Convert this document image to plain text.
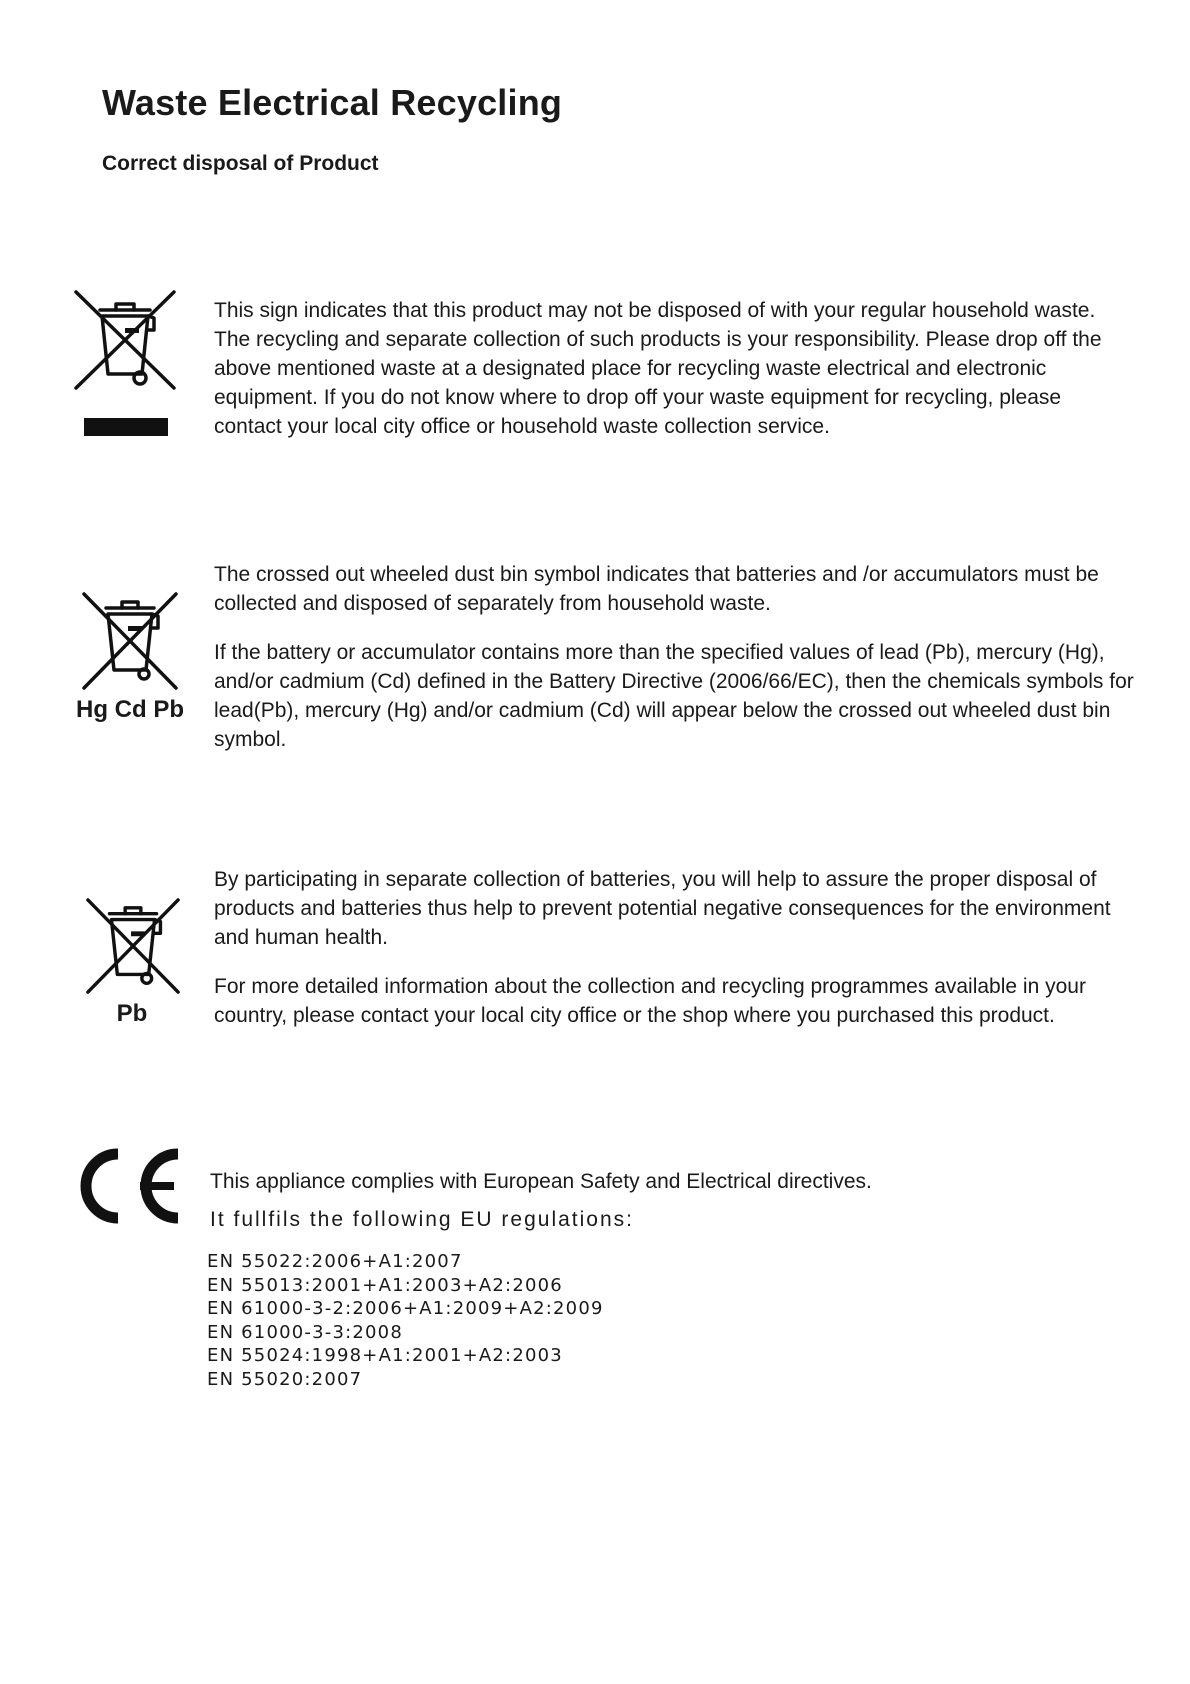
Waste Electrical Recycling
Correct disposal of Product

This sign indicates that this product may not be disposed of with your regular household waste. The recycling and separate collection of such products is your responsibility. Please drop off the above mentioned waste at a designated place for recycling waste electrical and electronic equipment. If you do not know where to drop off your waste equipment for recycling, please contact your local city office or household waste collection service.

Hg Cd Pb

The crossed out wheeled dust bin symbol indicates that batteries and /or accumulators must be collected and disposed of separately from household waste.

If the battery or accumulator contains more than the specified values of lead (Pb), mercury (Hg), and/or cadmium (Cd) defined in the Battery Directive (2006/66/EC), then the chemicals symbols for lead(Pb), mercury (Hg) and/or cadmium (Cd) will appear below the crossed out wheeled dust bin symbol.

Pb

By participating in separate collection of batteries, you will help to assure the proper disposal of products and batteries thus help to prevent potential negative consequences for the environment and human health.

For more detailed information about the collection and recycling programmes available in your country, please contact your local city office or the shop where you purchased this product.

This appliance complies with European Safety and Electrical directives.
It fullfils the following EU regulations:
EN 55022:2006+A1:2007
EN 55013:2001+A1:2003+A2:2006
EN 61000-3-2:2006+A1:2009+A2:2009
EN 61000-3-3:2008
EN 55024:1998+A1:2001+A2:2003
EN 55020:2007
